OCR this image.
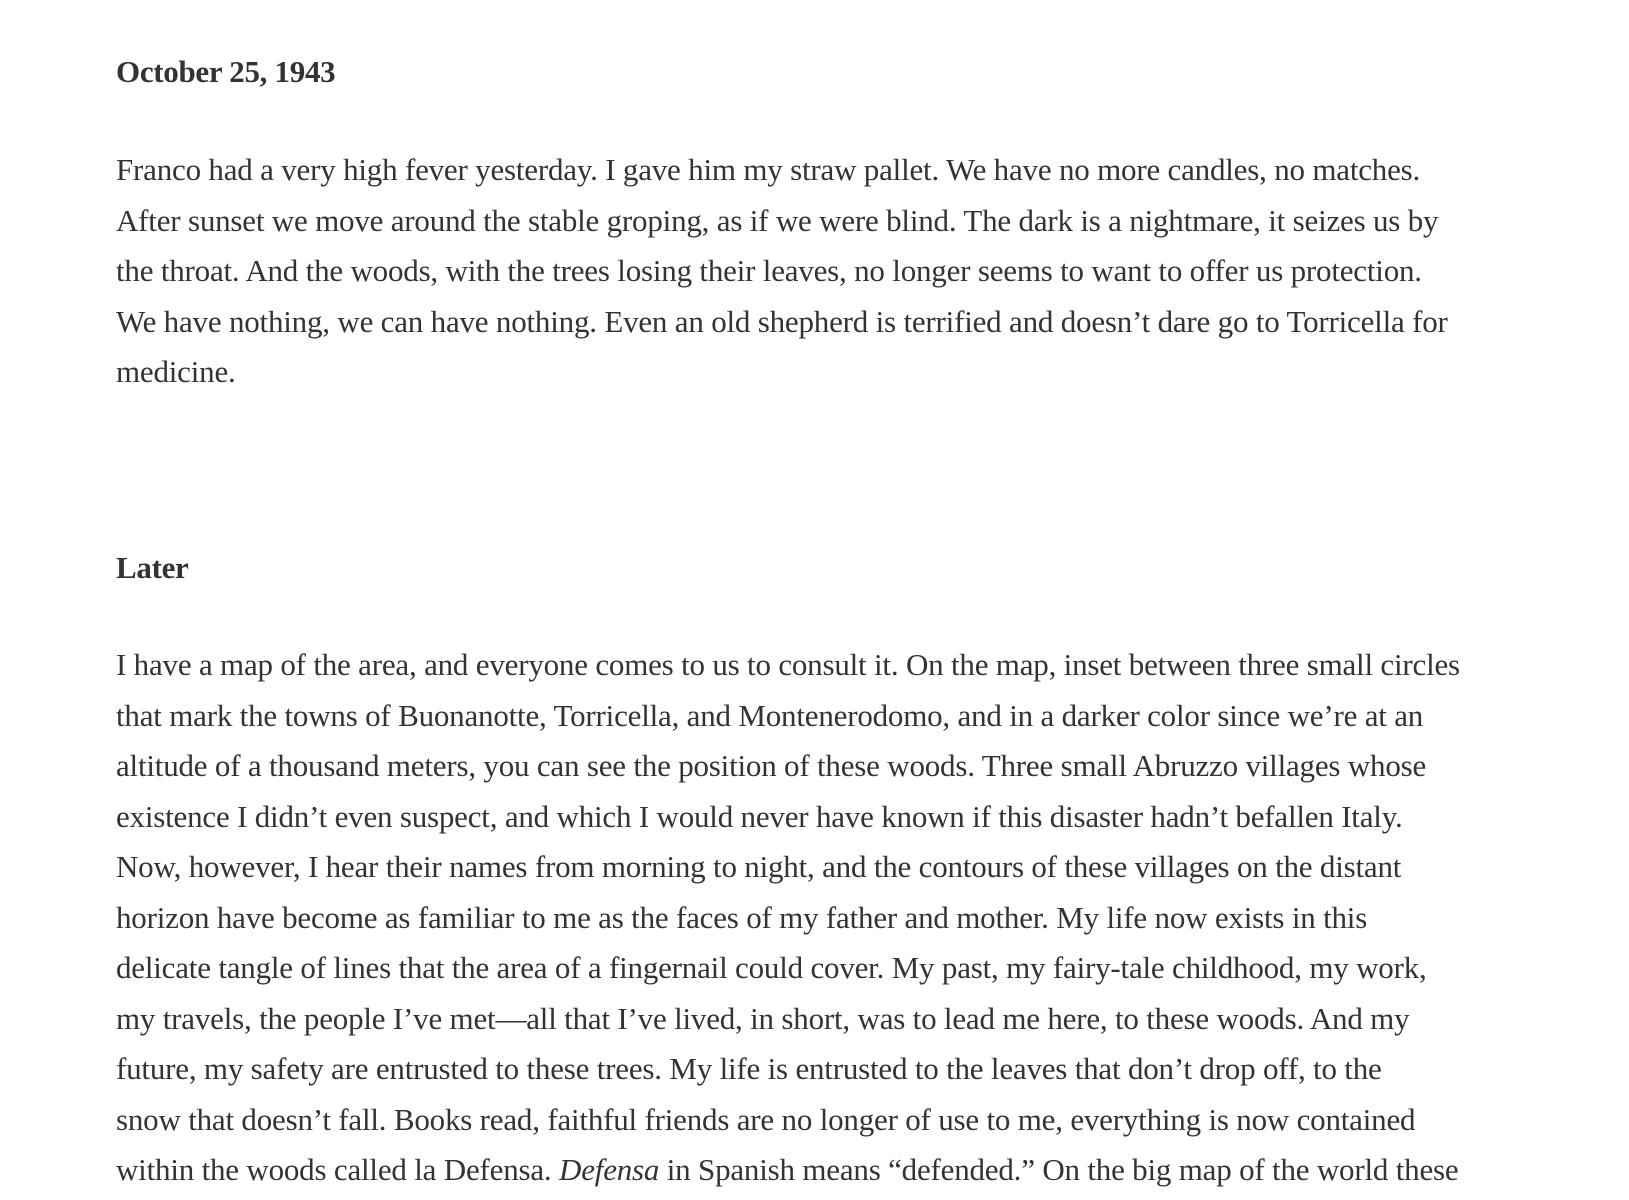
October 25, 1943

Franco had a very high fever yesterday. I gave him my straw pallet. We have no more candles, no matches.
After sunset we move around the stable groping, as if we were blind. The dark is a nightmare, it seizes us by
the throat. And the woods, with the trees losing their leaves, no longer seems to want to offer us protection.
We have nothing, we can have nothing. Even an old shepherd is terrified and doesn’t dare go to Torricella for
medicine.

Later

I have a map of the area, and everyone comes to us to consult it. On the map, inset between three small circles
that mark the towns of Buonanotte, Torricella, and Montenerodomo, and in a darker color since we’re at an
altitude of a thousand meters, you can see the position of these woods. Three small Abruzzo villages whose
existence I didn’t even suspect, and which I would never have known if this disaster hadn’t befallen Italy.
Now, however, I hear their names from morning to night, and the contours of these villages on the distant
horizon have become as familiar to me as the faces of my father and mother. My life now exists in this
delicate tangle of lines that the area of a fingernail could cover. My past, my fairy-tale childhood, my work,
my travels, the people I’ve met—all that I’ve lived, in short, was to lead me here, to these woods. And my
future, my safety are entrusted to these trees. My life is entrusted to the leaves that don’t drop off, to the
snow that doesn’t fall. Books read, faithful friends are no longer of use to me, everything is now contained
within the woods called la Defensa. Defensa in Spanish means “defended.” On the big map of the world these
